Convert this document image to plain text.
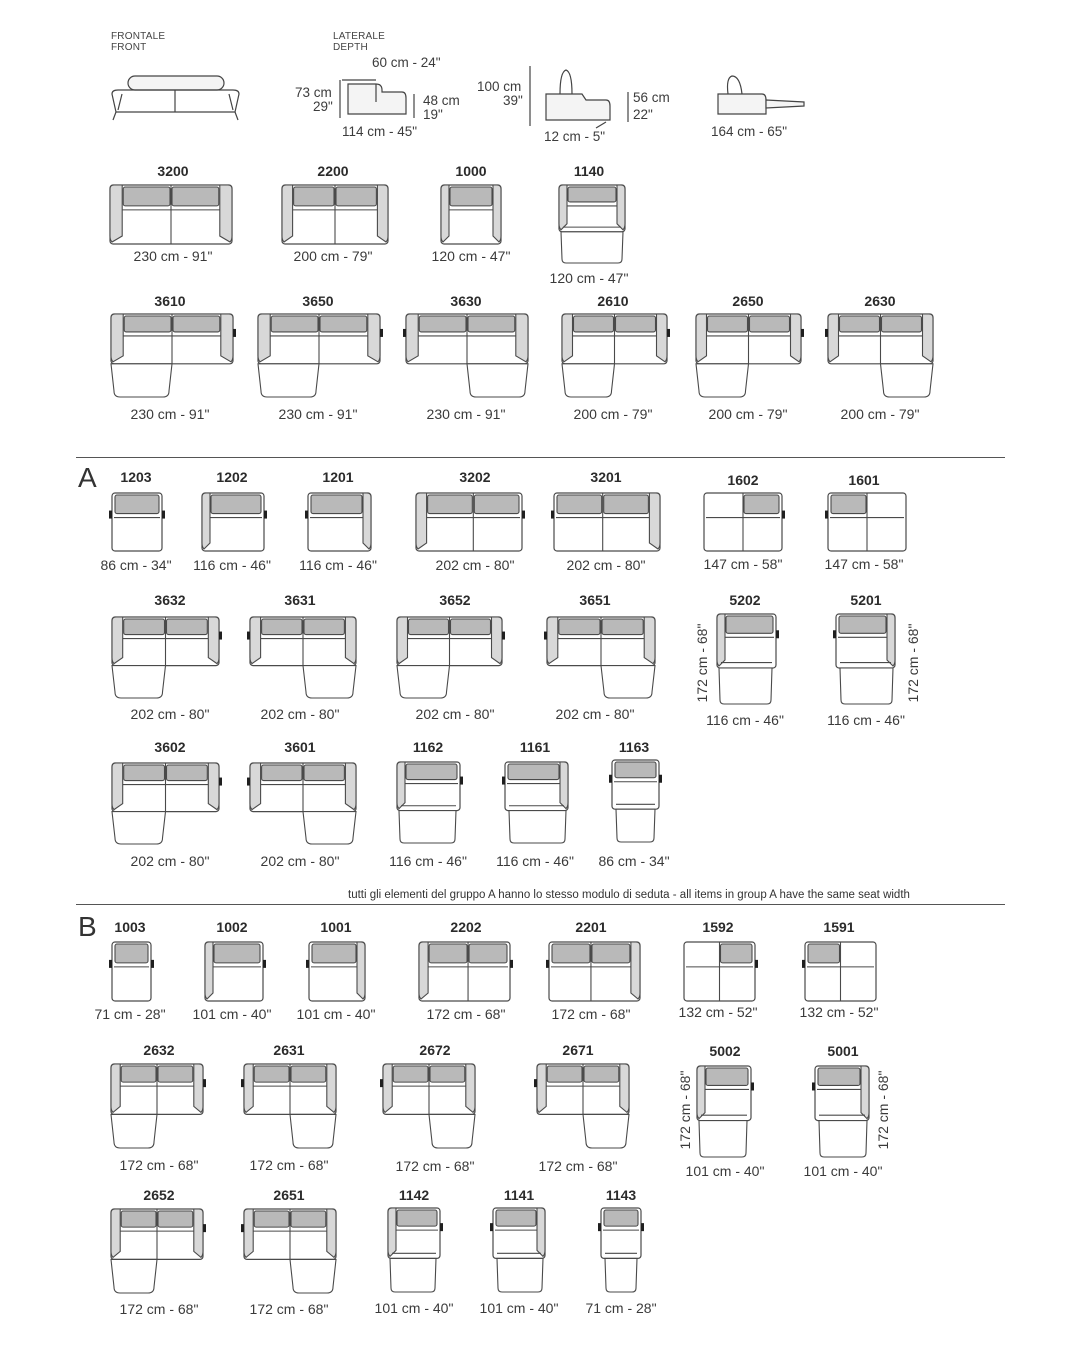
FRONTALE
FRONT
LATERALE
DEPTH
60 cm - 24"
73 cm
29"	48 cm
19"
114 cm - 45"
100 cm
39"	56 cm
22"
12 cm - 5"	164 cm - 65"
A
tutti gli elementi del gruppo A hanno lo stesso modulo di seduta - all items in group A have the same seat width
B
3200
230 cm - 91"
2200
200 cm - 79"
1000
120 cm - 47"
1140
120 cm - 47"
3610
230 cm - 91"
3650
230 cm - 91"
3630
230 cm - 91"
2610
200 cm - 79"
2650
200 cm - 79"
2630
200 cm - 79"
1203
86 cm - 34"
1202
116 cm - 46"
1201
116 cm - 46"
3202
202 cm - 80"
3201
202 cm - 80"
1602
147 cm - 58"
1601
147 cm - 58"
3632
202 cm - 80"
3631
202 cm - 80"
3652
202 cm - 80"
3651
202 cm - 80"
5202
116 cm - 46"
172 cm - 68"
5201
116 cm - 46"
172 cm - 68"
3602
202 cm - 80"
3601
202 cm - 80"
1162
116 cm - 46"
1161
116 cm - 46"
1163
86 cm - 34"
1003
71 cm - 28"
1002
101 cm - 40"
1001
101 cm - 40"
2202
172 cm - 68"
2201
172 cm - 68"
1592
132 cm - 52"
1591
132 cm - 52"
2632
172 cm - 68"
2631
172 cm - 68"
2672
172 cm - 68"
2671
172 cm - 68"
5002
101 cm - 40"
172 cm - 68"
5001
101 cm - 40"
172 cm - 68"
2652
172 cm - 68"
2651
172 cm - 68"
1142
101 cm - 40"
1141
101 cm - 40"
1143
71 cm - 28"
